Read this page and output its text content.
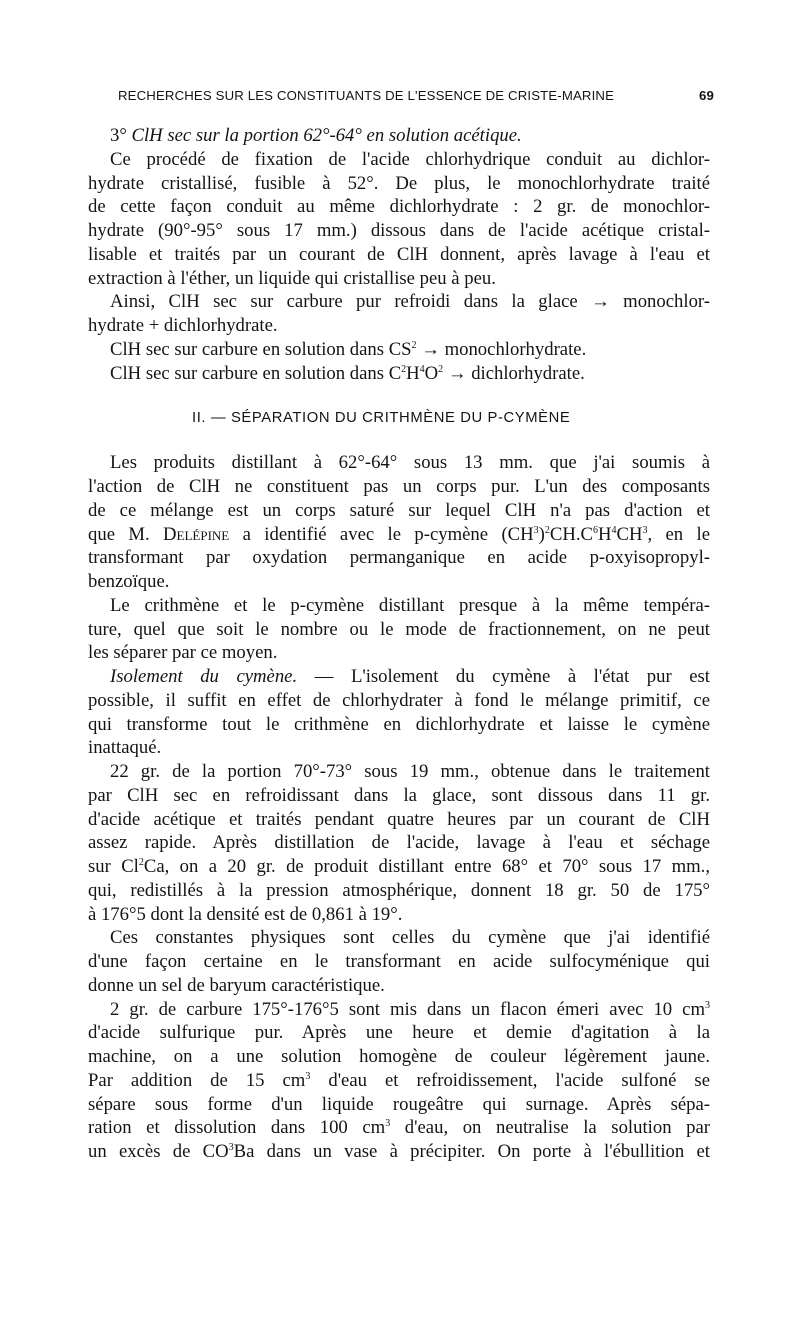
RECHERCHES SUR LES CONSTITUANTS DE L'ESSENCE DE CRISTE-MARINE	69
3° ClH sec sur la portion 62°-64° en solution acétique.
Ce procédé de fixation de l'acide chlorhydrique conduit au dichlor-
hydrate cristallisé, fusible à 52°. De plus, le monochlorhydrate traité
de cette façon conduit au même dichlorhydrate : 2 gr. de monochlor-
hydrate (90°-95° sous 17 mm.) dissous dans de l'acide acétique cristal-
lisable et traités par un courant de ClH donnent, après lavage à l'eau et
extraction à l'éther, un liquide qui cristallise peu à peu.
Ainsi, ClH sec sur carbure pur refroidi dans la glace → monochlor-
hydrate + dichlorhydrate.
ClH sec sur carbure en solution dans $CS^2$ → monochlorhydrate.
ClH sec sur carbure en solution dans $C^2H^4O^2$ → dichlorhydrate.
II. — SÉPARATION DU CRITHMÈNE DU P-CYMÈNE
Les produits distillant à 62°-64° sous 13 mm. que j'ai soumis à
l'action de ClH ne constituent pas un corps pur. L'un des composants
de ce mélange est un corps saturé sur lequel ClH n'a pas d'action et
que M. Delépine a identifié avec le p-cymène $(CH^3)^2CH.C^6H^4CH^3$, en le
transformant par oxydation permanganique en acide p-oxyisopropyl-
benzoïque.
Le crithmène et le p-cymène distillant presque à la même tempéra-
ture, quel que soit le nombre ou le mode de fractionnement, on ne peut
les séparer par ce moyen.
Isolement du cymène. — L'isolement du cymène à l'état pur est
possible, il suffit en effet de chlorhydrater à fond le mélange primitif, ce
qui transforme tout le crithmène en dichlorhydrate et laisse le cymène
inattaqué.
22 gr. de la portion 70°-73° sous 19 mm., obtenue dans le traitement
par ClH sec en refroidissant dans la glace, sont dissous dans 11 gr.
d'acide acétique et traités pendant quatre heures par un courant de ClH
assez rapide. Après distillation de l'acide, lavage à l'eau et séchage
sur Cl$^2$Ca, on a 20 gr. de produit distillant entre 68° et 70° sous 17 mm.,
qui, redistillés à la pression atmosphérique, donnent 18 gr. 50 de 175°
à 176°5 dont la densité est de 0,861 à 19°.
Ces constantes physiques sont celles du cymène que j'ai identifié
d'une façon certaine en le transformant en acide sulfocyménique qui
donne un sel de baryum caractéristique.
2 gr. de carbure 175°-176°5 sont mis dans un flacon émeri avec 10 $cm^3$
d'acide sulfurique pur. Après une heure et demie d'agitation à la
machine, on a une solution homogène de couleur légèrement jaune.
Par addition de 15 $cm^3$ d'eau et refroidissement, l'acide sulfoné se
sépare sous forme d'un liquide rougeâtre qui surnage. Après sépa-
ration et dissolution dans 100 $cm^3$ d'eau, on neutralise la solution par
un excès de $CO^3Ba$ dans un vase à précipiter. On porte à l'ébullition et
